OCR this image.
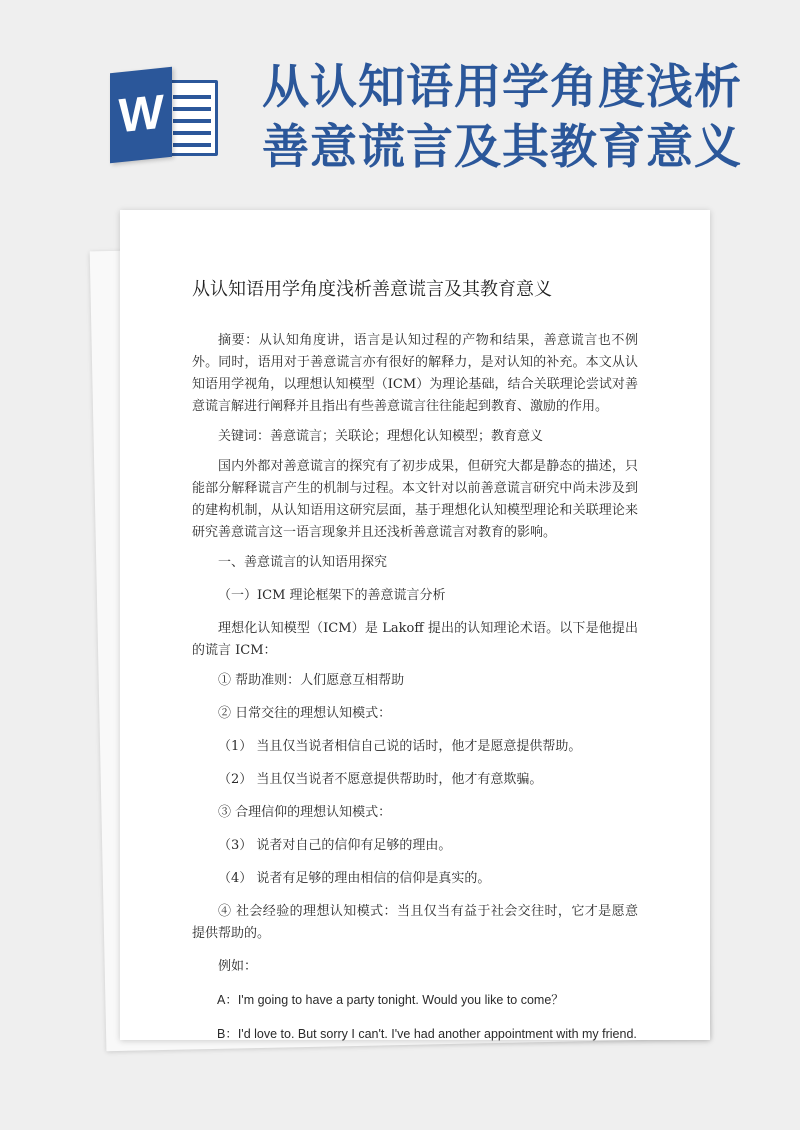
W 从认知语用学角度浅析
善意谎言及其教育意义
从认知语用学角度浅析善意谎言及其教育意义

摘要：从认知角度讲，语言是认知过程的产物和结果，善意谎言也不例外。同时，语用对于善意谎言亦有很好的解释力，是对认知的补充。本文从认知语用学视角，以理想认知模型（ICM）为理论基础，结合关联理论尝试对善意谎言解进行阐释并且指出有些善意谎言往往能起到教育、激励的作用。

关键词：善意谎言；关联论；理想化认知模型；教育意义

国内外都对善意谎言的探究有了初步成果，但研究大都是静态的描述，只能部分解释谎言产生的机制与过程。本文针对以前善意谎言研究中尚未涉及到的建构机制，从认知语用这研究层面，基于理想化认知模型理论和关联理论来研究善意谎言这一语言现象并且还浅析善意谎言对教育的影响。

一、善意谎言的认知语用探究
（一）ICM 理论框架下的善意谎言分析

理想化认知模型（ICM）是 Lakoff 提出的认知理论术语。以下是他提出的谎言 ICM：

① 帮助准则：人们愿意互相帮助
② 日常交往的理想认知模式：
（1） 当且仅当说者相信自己说的话时，他才是愿意提供帮助。
（2） 当且仅当说者不愿意提供帮助时，他才有意欺骗。
③ 合理信仰的理想认知模式：
（3） 说者对自己的信仰有足够的理由。
（4） 说者有足够的理由相信的信仰是真实的。
④ 社会经验的理想认知模式：当且仅当有益于社会交往时，它才是愿意提供帮助的。
例如：

A：I'm going to have a party tonight. Would you like to come？

B：I'd love to. But sorry I can't. I've had another appointment with my friend.
